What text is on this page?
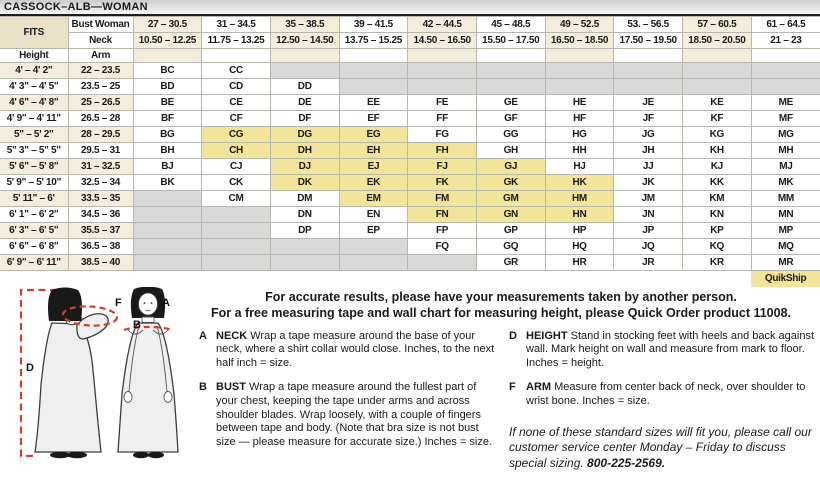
CASSOCK–ALB—WOMAN
FITS	Bust Woman	27 – 30.5	31 – 34.5	35 – 38.5	39 – 41.5	42 – 44.5	45 – 48.5	49 – 52.5	53. – 56.5	57 – 60.5	61 – 64.5
	Neck	10.50 – 12.25	11.75 – 13.25	12.50 – 14.50	13.75 – 15.25	14.50 – 16.50	15.50 – 17.50	16.50 – 18.50	17.50 – 19.50	18.50 – 20.50	21 – 23
Height	Arm										
4' – 4' 2"	22 – 23.5	BC	CC								
4' 3" – 4' 5"	23.5 – 25	BD	CD	DD							
4' 6" – 4' 8"	25 – 26.5	BE	CE	DE	EE	FE	GE	HE	JE	KE	ME
4' 9" – 4' 11"	26.5 – 28	BF	CF	DF	EF	FF	GF	HF	JF	KF	MF
5" – 5' 2"	28 – 29.5	BG	CG	DG	EG	FG	GG	HG	JG	KG	MG
5" 3" – 5" 5"	29.5 – 31	BH	CH	DH	EH	FH	GH	HH	JH	KH	MH
5' 6" – 5' 8"	31 – 32.5	BJ	CJ	DJ	EJ	FJ	GJ	HJ	JJ	KJ	MJ
5' 9" – 5' 10"	32.5 – 34	BK	CK	DK	EK	FK	GK	HK	JK	KK	MK
5' 11" – 6'	33.5 – 35		CM	DM	EM	FM	GM	HM	JM	KM	MM
6' 1" – 6' 2"	34.5 – 36			DN	EN	FN	GN	HN	JN	KN	MN
6' 3" – 6' 5"	35.5 – 37			DP	EP	FP	GP	HP	JP	KP	MP
6' 6" – 6' 8"	36.5 – 38					FQ	GQ	HQ	JQ	KQ	MQ
6' 9" – 6' 11"	38.5 – 40						GR	HR	JR	KR	MR
											QuikShip
D
F	A
B
For accurate results, please have your measurements taken by another person.
For a free measuring tape and wall chart for measuring height, please Quick Order product 11008.
A NECK Wrap a tape measure around the base of your neck, where a shirt collar would close. Inches, to the next half inch = size.

B BUST Wrap a tape measure around the fullest part of your chest, keeping the tape under arms and across shoulder blades. Wrap loosely, with a couple of fingers between tape and body. (Note that bra size is not bust size — please measure for accurate size.) Inches = size.

D HEIGHT Stand in stocking feet with heels and back against wall. Mark height on wall and measure from mark to floor. Inches = height.

F ARM Measure from center back of neck, over shoulder to wrist bone. Inches = size.

If none of these standard sizes will fit you, please call our customer service center Monday – Friday to discuss special sizing. 800-225-2569.
